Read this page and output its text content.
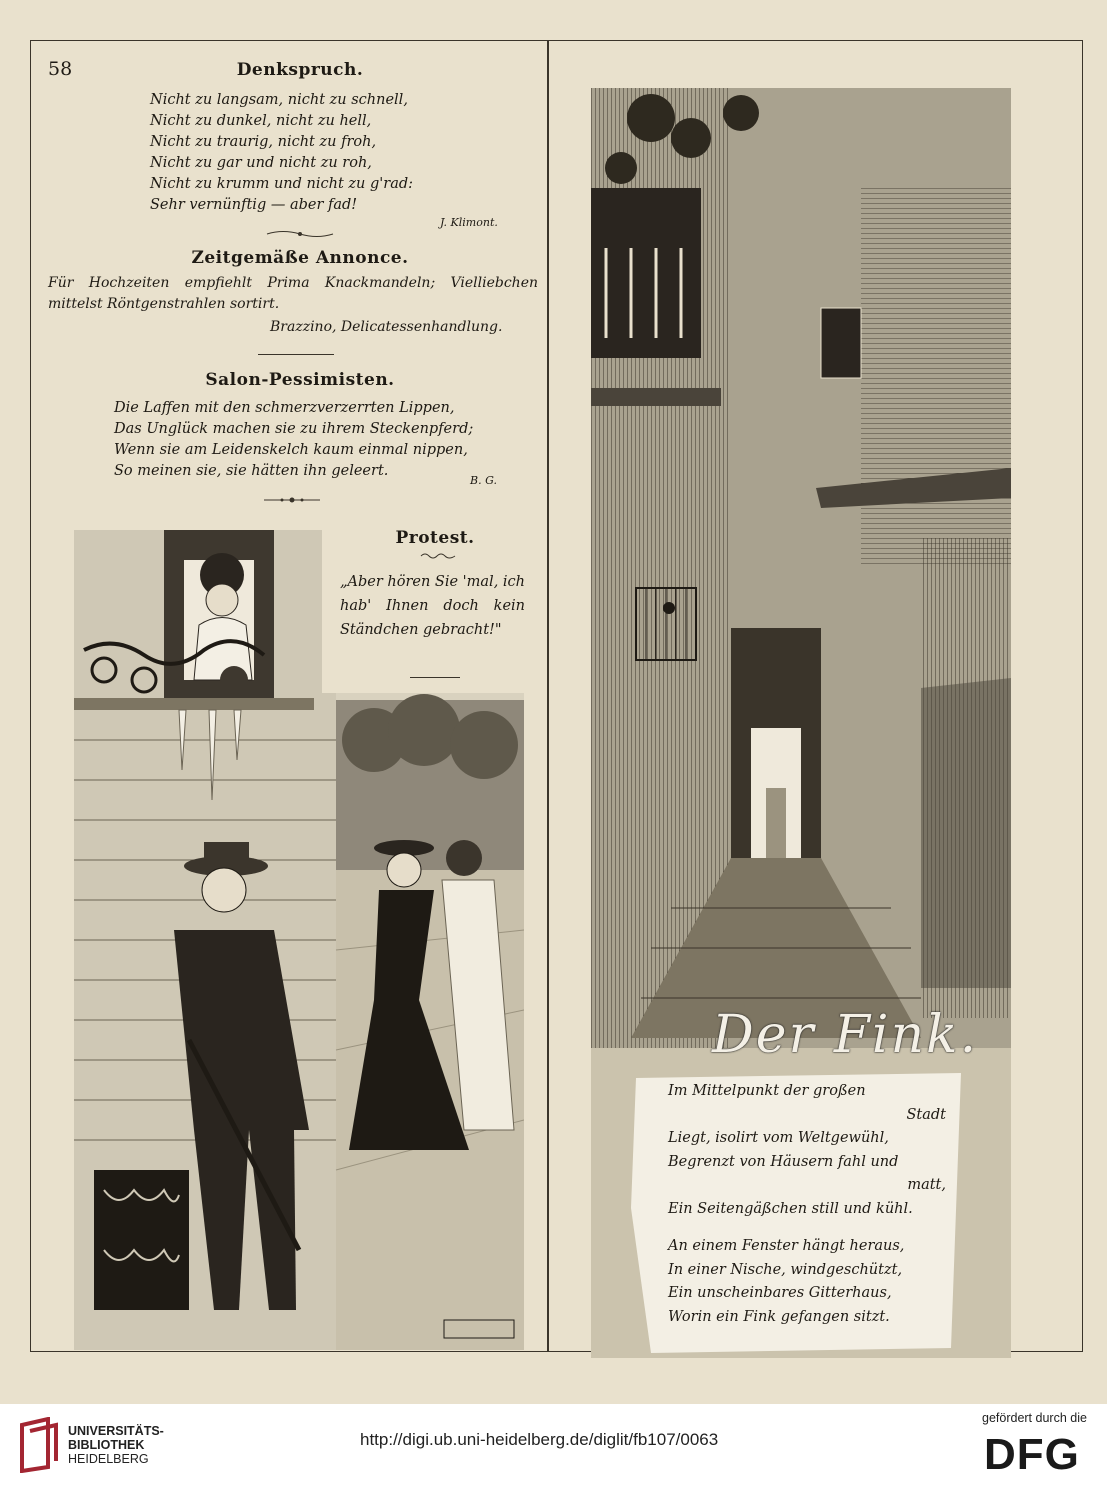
58	Denkspruch.
Nicht zu langsam, nicht zu schnell,
Nicht zu dunkel, nicht zu hell,
Nicht zu traurig, nicht zu froh,
Nicht zu gar und nicht zu roh,
Nicht zu krumm und nicht zu g'rad:
Sehr vernünftig — aber fad!
J. Klimont.
Zeitgemäße Annonce.
Für Hochzeiten empfiehlt Prima Knackmandeln; Vielliebchen
mittelst Röntgenstrahlen sortirt.
Brazzino, Delicatessenhandlung.
Salon-Pessimisten.
Die Laffen mit den schmerzverzerrten Lippen,
Das Unglück machen sie zu ihrem Steckenpferd;
Wenn sie am Leidenskelch kaum einmal nippen,
So meinen sie, sie hätten ihn geleert.
B. G.
Protest.
„Aber hören Sie 'mal, ich hab' Ihnen doch kein Ständchen gebracht!"
Der Fink.
Im Mittelpunkt der großen
Stadt
Liegt, isolirt vom Weltgewühl,
Begrenzt von Häusern fahl und
matt,
Ein Seitengäßchen still und kühl.
An einem Fenster hängt heraus,
In einer Nische, windgeschützt,
Ein unscheinbares Gitterhaus,
Worin ein Fink gefangen sitzt.
UNIVERSITÄTS-
BIBLIOTHEK
HEIDELBERG
http://digi.ub.uni-heidelberg.de/diglit/fb107/0063
gefördert durch die
DFG
